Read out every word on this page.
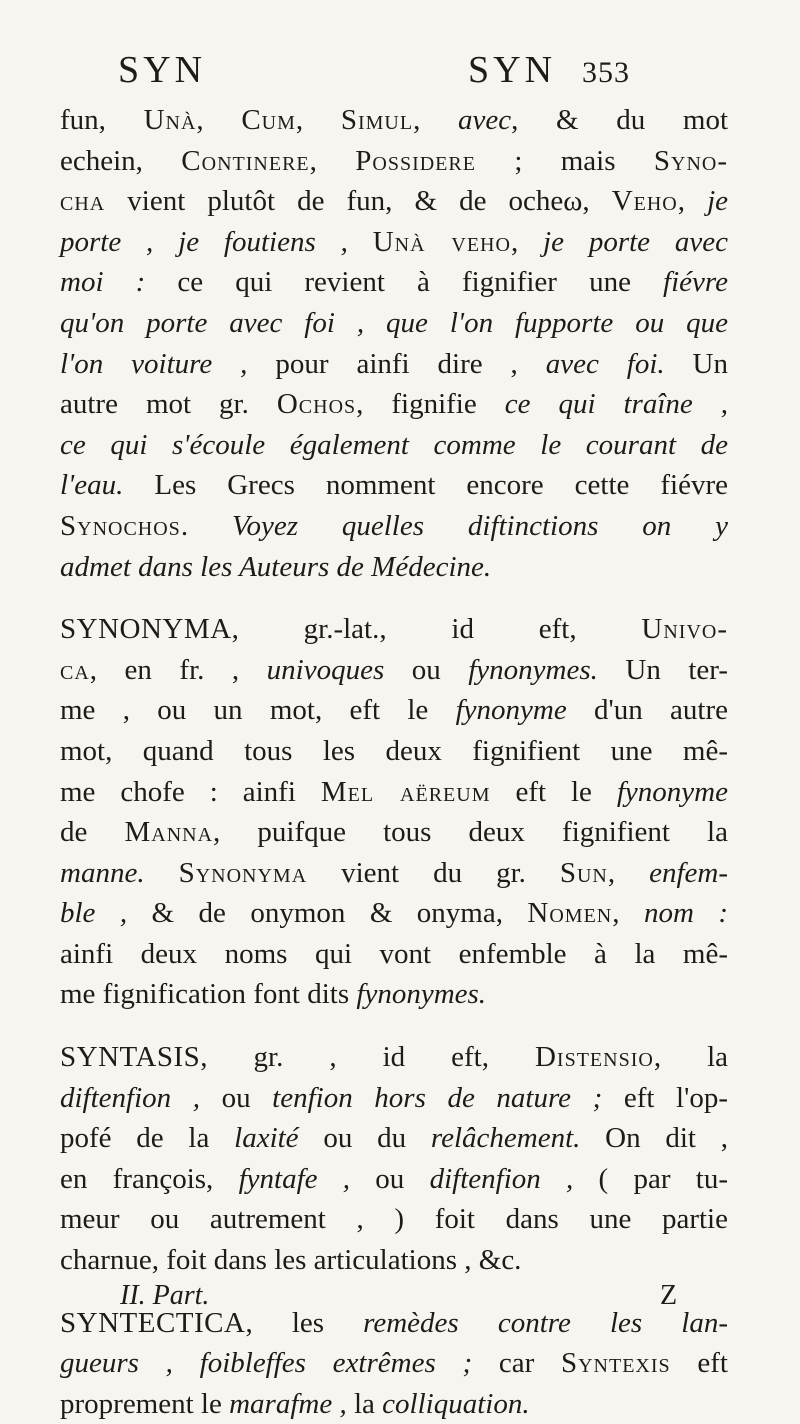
SYN	SYN 353
fun, Unà, Cum, Simul, avec, & du mot
echein, Continere, Possidere ; mais Syno-
cha vient plutôt de fun, & de ocheω, Veho, je
porte , je foutiens , Unà veho, je porte avec
moi : ce qui revient à fignifier une fiévre
qu'on porte avec foi , que l'on fupporte ou que
l'on voiture , pour ainfi dire , avec foi. Un
autre mot gr. Ochos, fignifie ce qui traîne ,
ce qui s'écoule également comme le courant de
l'eau. Les Grecs nomment encore cette fiévre
Synochos. Voyez quelles diftinctions on y
admet dans les Auteurs de Médecine.
SYNONYMA, gr.-lat., id eft, Univo-
ca, en fr. , univoques ou fynonymes. Un ter-
me , ou un mot, eft le fynonyme d'un autre
mot, quand tous les deux fignifient une mê-
me chofe : ainfi Mel aëreum eft le fynonyme
de Manna, puifque tous deux fignifient la
manne. Synonyma vient du gr. Sun, enfem-
ble , & de onymon & onyma, Nomen, nom :
ainfi deux noms qui vont enfemble à la mê-
me fignification font dits fynonymes.
SYNTASIS, gr. , id eft, Distensio, la
diftenfion , ou tenfion hors de nature ; eft l'op-
pofé de la laxité ou du relâchement. On dit ,
en françois, fyntafe , ou diftenfion , ( par tu-
meur ou autrement , ) foit dans une partie
charnue, foit dans les articulations , &c.
SYNTECTICA, les remèdes contre les lan-
gueurs , foibleffes extrêmes ; car Syntexis eft
proprement le marafme , la colliquation.
II. Part.	Z
